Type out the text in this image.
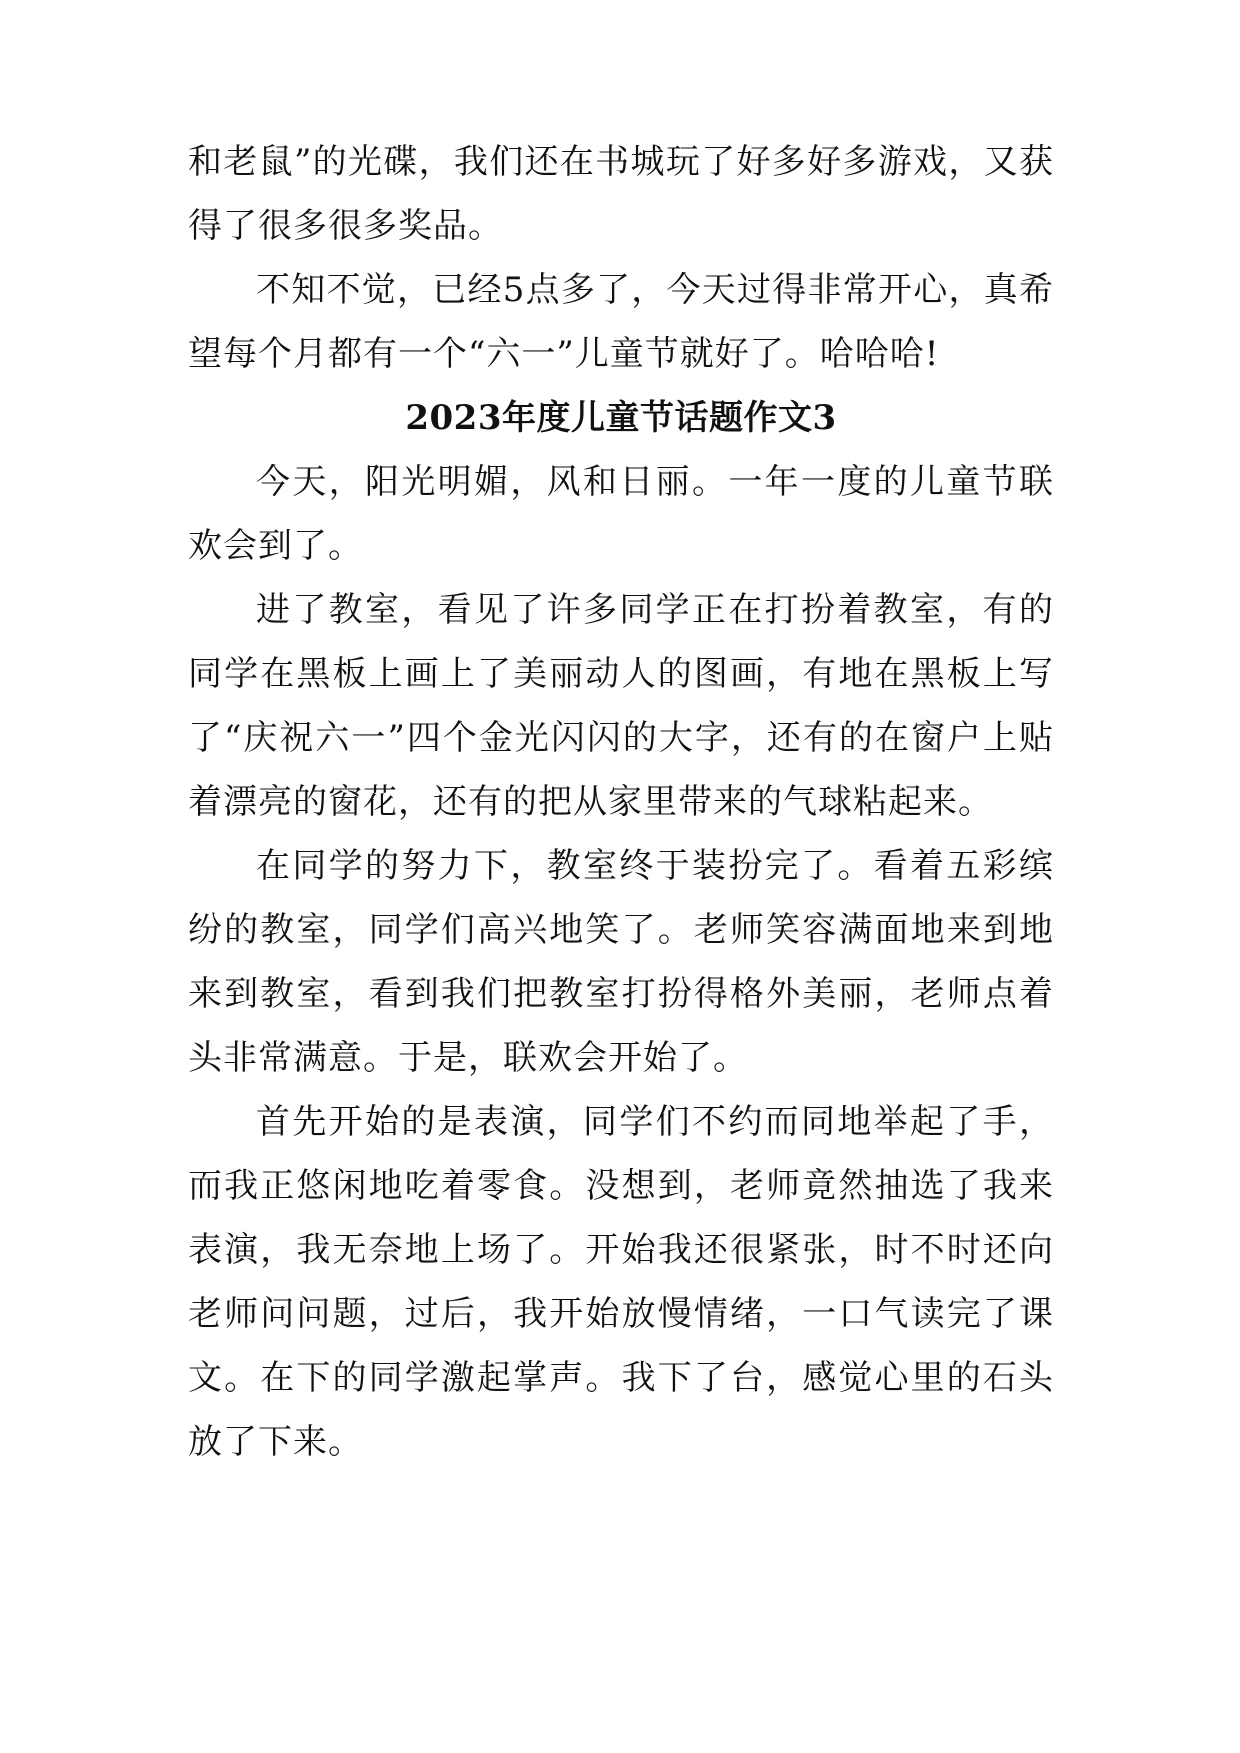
和老鼠”的光碟，我们还在书城玩了好多好多游戏，又获得了很多很多奖品。

不知不觉，已经5点多了，今天过得非常开心，真希望每个月都有一个“六一”儿童节就好了。哈哈哈!

2023年度儿童节话题作文3

今天，阳光明媚，风和日丽。一年一度的儿童节联欢会到了。

进了教室，看见了许多同学正在打扮着教室，有的同学在黑板上画上了美丽动人的图画，有地在黑板上写了“庆祝六一”四个金光闪闪的大字，还有的在窗户上贴着漂亮的窗花，还有的把从家里带来的气球粘起来。

在同学的努力下，教室终于装扮完了。看着五彩缤纷的教室，同学们高兴地笑了。老师笑容满面地来到地来到教室，看到我们把教室打扮得格外美丽，老师点着头非常满意。于是，联欢会开始了。

首先开始的是表演，同学们不约而同地举起了手，而我正悠闲地吃着零食。没想到，老师竟然抽选了我来表演，我无奈地上场了。开始我还很紧张，时不时还向老师问问题，过后，我开始放慢情绪，一口气读完了课文。在下的同学激起掌声。我下了台，感觉心里的石头放了下来。
